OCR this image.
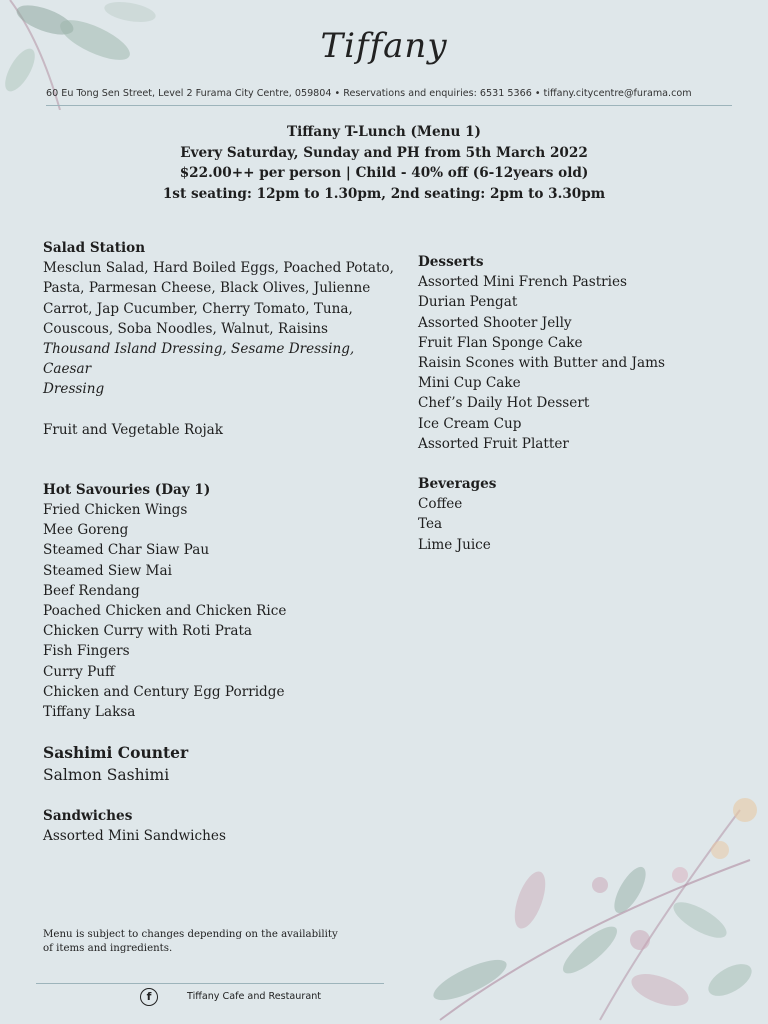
Tiffany
60 Eu Tong Sen Street, Level 2 Furama City Centre, 059804 • Reservations and enquiries: 6531 5366 • tiffany.citycentre@furama.com
Tiffany T-Lunch (Menu 1)
Every Saturday, Sunday and PH from 5th March 2022
$22.00++ per person | Child - 40% off (6-12years old)
1st seating: 12pm to 1.30pm, 2nd seating: 2pm to 3.30pm
Salad Station
Mesclun Salad, Hard Boiled Eggs, Poached Potato,
Pasta, Parmesan Cheese, Black Olives, Julienne
Carrot, Jap Cucumber, Cherry Tomato, Tuna,
Couscous, Soba Noodles, Walnut, Raisins
Thousand Island Dressing, Sesame Dressing, Caesar
Dressing
Fruit and Vegetable Rojak
Hot Savouries (Day 1)
Fried Chicken Wings
Mee Goreng
Steamed Char Siaw Pau
Steamed Siew Mai
Beef Rendang
Poached Chicken and Chicken Rice
Chicken Curry with Roti Prata
Fish Fingers
Curry Puff
Chicken and Century Egg Porridge
Tiffany Laksa
Sashimi Counter
Salmon Sashimi
Sandwiches
Assorted Mini Sandwiches
Desserts
Assorted Mini French Pastries
Durian Pengat
Assorted Shooter Jelly
Fruit Flan Sponge Cake
Raisin Scones with Butter and Jams
Mini Cup Cake
Chef’s Daily Hot Dessert
Ice Cream Cup
Assorted Fruit Platter
Beverages
Coffee
Tea
Lime Juice
Menu is subject to changes depending on the availability
of items and ingredients.
f	Tiffany Cafe and Restaurant
